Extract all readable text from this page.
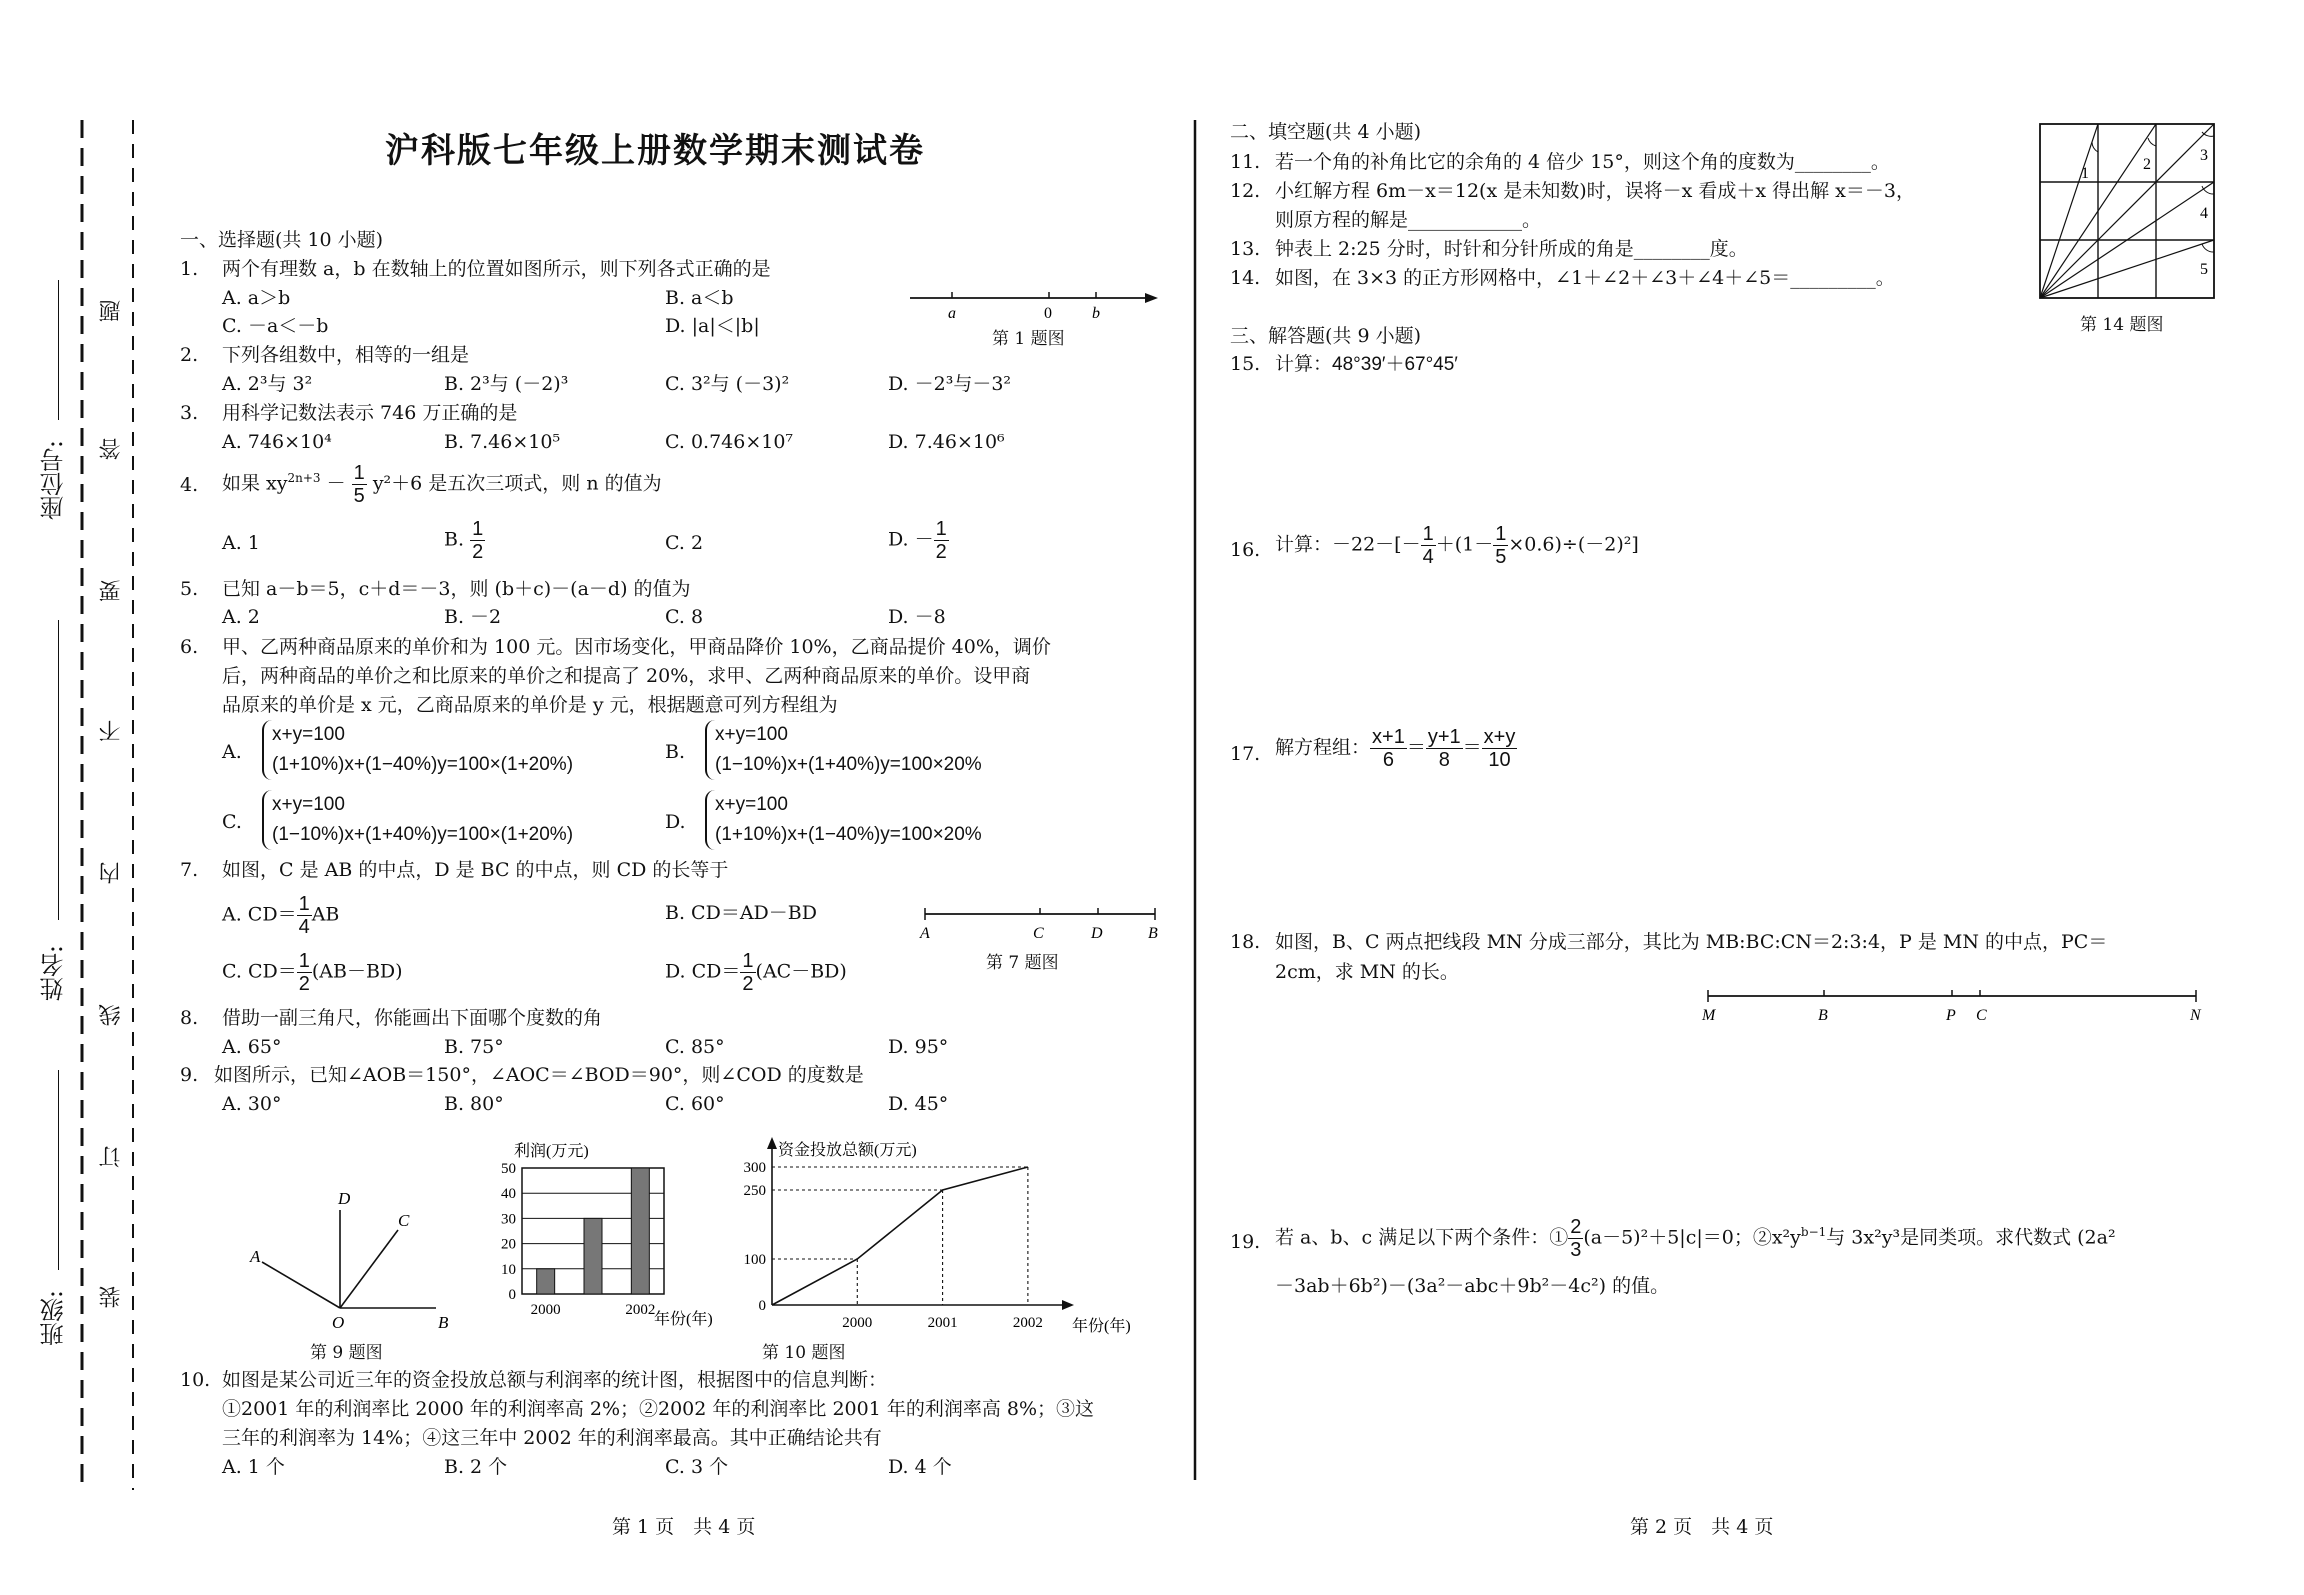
座位号:
姓名:
班级:
题
答
要
不
内
线
订
装
沪科版七年级上册数学期末测试卷
一、选择题(共 10 小题)
1. 两个有理数 a，b 在数轴上的位置如图所示，则下列各式正确的是
A. a＞b	B. a＜b
C. －a＜－b	D. |a|＜|b|
a	0	b
第 1 题图
2. 下列各组数中，相等的一组是
A. 2³与 3²	B. 2³与 (－2)³	C. 3²与 (－3)²	D. －2³与－3²
3. 用科学记数法表示 746 万正确的是
A. 746×10⁴	B. 7.46×10⁵	C. 0.746×10⁷	D. 7.46×10⁶
4. 如果 $xy^{2n+3} - \frac{1}{5} y^2+6$ 是五次三项式，则 n 的值为
A. 1	B. $\frac{1}{2}$	C. 2	D. － $\frac{1}{2}$
5. 已知 a－b＝5，c＋d＝－3，则 (b＋c)－(a－d) 的值为
A. 2	B. －2	C. 8	D. －8
6. 甲、乙两种商品原来的单价和为 100 元。因市场变化，甲商品降价 10%，乙商品提价 40%，调价
后，两种商品的单价之和比原来的单价之和提高了 20%，求甲、乙两种商品原来的单价。设甲商
品原来的单价是 x 元，乙商品原来的单价是 y 元，根据题意可列方程组为
A.
x+y=100
(1+10%)x+(1−40%)y=100×(1+20%)
B.
x+y=100
(1−10%)x+(1+40%)y=100×20%
C.
x+y=100
(1−10%)x+(1+40%)y=100×(1+20%)
D.
x+y=100
(1+10%)x+(1−40%)y=100×20%
7. 如图，C 是 AB 的中点，D 是 BC 的中点，则 CD 的长等于
A. $CD= \frac{1}{4}$ AB	B. CD＝AD－BD
C. $CD= \frac{1}{2} (AB-BD)$	D. $CD= \frac{1}{2} (AC-BD)$
A	C	D	B
第 7 题图
8. 借助一副三角尺，你能画出下面哪个度数的角
A. 65°	B. 75°	C. 85°	D. 95°
9. 如图所示，已知∠AOB＝150°，∠AOC＝∠BOD＝90°，则∠COD 的度数是
A. 30°	B. 80°	C. 60°	D. 45°
A
D
C
O	B
第 9 题图
利润(万元)
0
10
20
30
40
50
2000	2002
年份(年)
资金投放总额(万元)
0
100
250
300
2000	2001	2002 年份(年)
第 10 题图
10. 如图是某公司近三年的资金投放总额与利润率的统计图，根据图中的信息判断：
①2001 年的利润率比 2000 年的利润率高 2%；②2002 年的利润率比 2001 年的利润率高 8%；③这
三年的利润率为 14%；④这三年中 2002 年的利润率最高。其中正确结论共有
A. 1 个	B. 2 个	C. 3 个	D. 4 个
第 1 页　共 4 页
二、填空题(共 4 小题)
11. 若一个角的补角比它的余角的 4 倍少 15°，则这个角的度数为________。
12. 小红解方程 6m－x＝12(x 是未知数)时，误将－x 看成＋x 得出解 x＝－3，
则原方程的解是____________。
13. 钟表上 2:25 分时，时针和分针所成的角是________度。
14. 如图，在 3×3 的正方形网格中，∠1＋∠2＋∠3＋∠4＋∠5＝_________。
1
2
3
4
5
第 14 题图
三、解答题(共 9 小题)
15. 计算：48°39′＋67°45′
16. 计算：$-22-[- \frac{1}{4} +(1- \frac{1}{5} \times 0.6)\div(-2)^2]$
17. 解方程组： $\frac{x+1}{6} = \frac{y+1}{8} = \frac{x+y}{10}$
18. 如图，B、C 两点把线段 MN 分成三部分，其比为 MB:BC:CN＝2:3:4，P 是 MN 的中点，PC＝
2cm，求 MN 的长。
M	B	P C	N
19. 若 a、b、c 满足以下两个条件：① $\frac{2}{3} (a-5)^2+5|c|=0$；$②x^2y^{b-1}$与 3x²y³是同类项。求代数式 (2a²
－3ab＋6b²)－(3a²－abc＋9b²－4c²) 的值。
第 2 页　共 4 页
